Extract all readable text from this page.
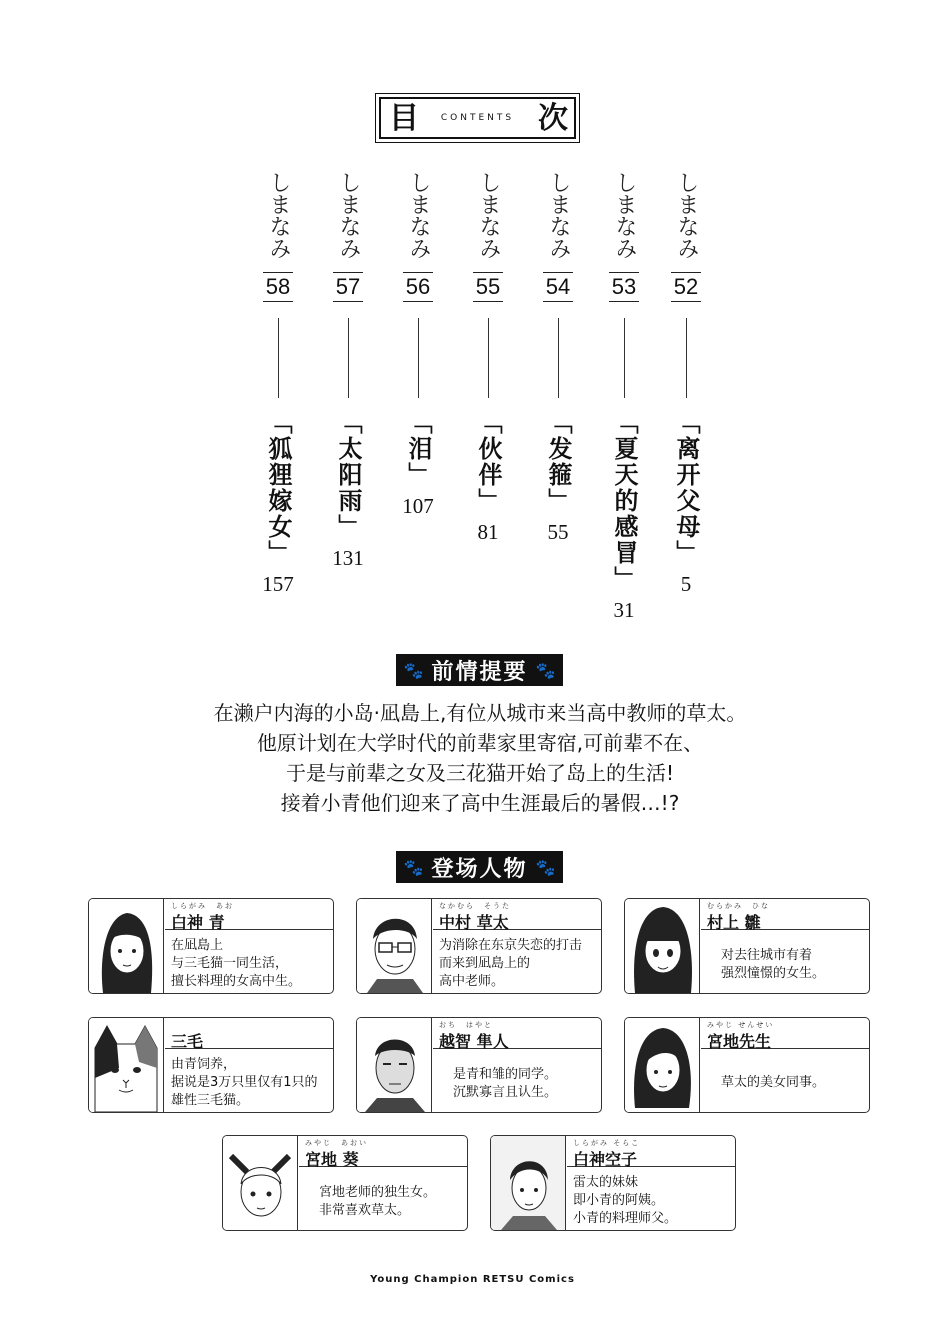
目	CONTENTS 次
しまなみ
52
「离开父母」
5
しまなみ
53
「夏天的感冒」
31
しまなみ
54
「发箍」
55
しまなみ
55
「伙伴」
81
しまなみ
56
「泪」
107
しまなみ
57
「太阳雨」
131
しまなみ
58
「狐狸嫁女」
157
🐾 前情提要 🐾

在濑户内海的小岛·凪島上,有位从城市来当高中教师的草太。

他原计划在大学时代的前辈家里寄宿,可前辈不在、

于是与前辈之女及三花猫开始了岛上的生活!

接着小青他们迎来了高中生涯最后的暑假…!?

🐾 登场人物 🐾
しらがみ　あお
白神 青
在凪島上
与三毛猫一同生活，
擅长料理的女高中生。
なかむら　そうた
中村 草太
为消除在东京失恋的打击
而来到凪島上的
高中老师。
むらかみ　ひな
村上 雛
对去往城市有着
强烈憧憬的女生。
三毛
由青饲养，
据说是3万只里仅有1只的
雄性三毛猫。
おち　はやと
越智 隼人
是青和雏的同学。
沉默寡言且认生。
みやじ せんせい
宮地先生
草太的美女同事。
みやじ　あおい
宮地 葵
宮地老师的独生女。
非常喜欢草太。
しらがみ そらこ
白神空子
雷太的妹妹
即小青的阿姨。
小青的料理师父。
Young Champion RETSU Comics
